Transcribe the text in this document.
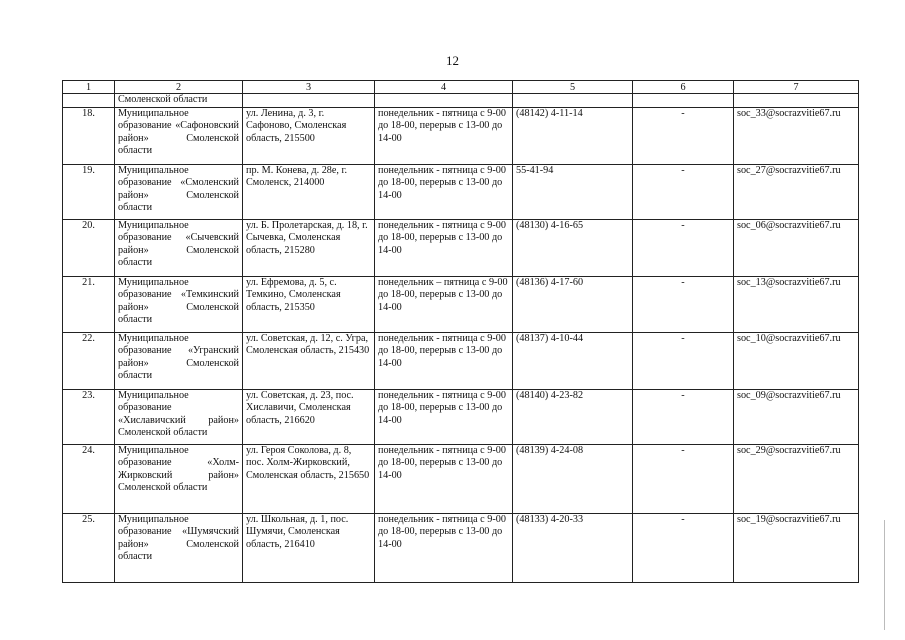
12
1	2	3	4	5	6	7
	Смоленской области					
18.	Муниципальное образование «Сафоновский район» Смоленской области	ул. Ленина, д. 3, г. Сафоново, Смоленская область, 215500	понедельник - пятница с 9-00 до 18-00, перерыв с 13-00 до 14-00	(48142) 4-11-14	-	soc_33@socrazvitie67.ru
19.	Муниципальное образование «Смоленский район» Смоленской области	пр. М. Конева, д. 28е, г. Смоленск, 214000	понедельник - пятница с 9-00 до 18-00, перерыв с 13-00 до 14-00	55-41-94	-	soc_27@socrazvitie67.ru
20.	Муниципальное образование «Сычевский район» Смоленской области	ул. Б. Пролетарская, д. 18, г. Сычевка, Смоленская область, 215280	понедельник - пятница с 9-00 до 18-00, перерыв с 13-00 до 14-00	(48130) 4-16-65	-	soc_06@socrazvitie67.ru
21.	Муниципальное образование «Темкинский район» Смоленской области	ул. Ефремова, д. 5, с. Темкино, Смоленская область, 215350	понедельник – пятница с 9-00 до 18-00, перерыв с 13-00 до 14-00	(48136) 4-17-60	-	soc_13@socrazvitie67.ru
22.	Муниципальное образование «Угранский район» Смоленской области	ул. Советская, д. 12, с. Угра, Смоленская область, 215430	понедельник - пятница с 9-00 до 18-00, перерыв с 13-00 до 14-00	(48137) 4-10-44	-	soc_10@socrazvitie67.ru
23.	Муниципальное образование «Хиславичский район» Смоленской области	ул. Советская, д. 23, пос. Хиславичи, Смоленская область, 216620	понедельник - пятница с 9-00 до 18-00, перерыв с 13-00 до 14-00	(48140) 4-23-82	-	soc_09@socrazvitie67.ru
24.	Муниципальное образование «Холм-Жирковский район» Смоленской области	ул. Героя Соколова, д. 8, пос. Холм-Жирковский, Смоленская область, 215650	понедельник - пятница с 9-00 до 18-00, перерыв с 13-00 до 14-00	(48139) 4-24-08	-	soc_29@socrazvitie67.ru
25.	Муниципальное образование «Шумячский район» Смоленской области	ул. Школьная, д. 1, пос. Шумячи, Смоленская область, 216410	понедельник - пятница с 9-00 до 18-00, перерыв с 13-00 до 14-00	(48133) 4-20-33	-	soc_19@socrazvitie67.ru
